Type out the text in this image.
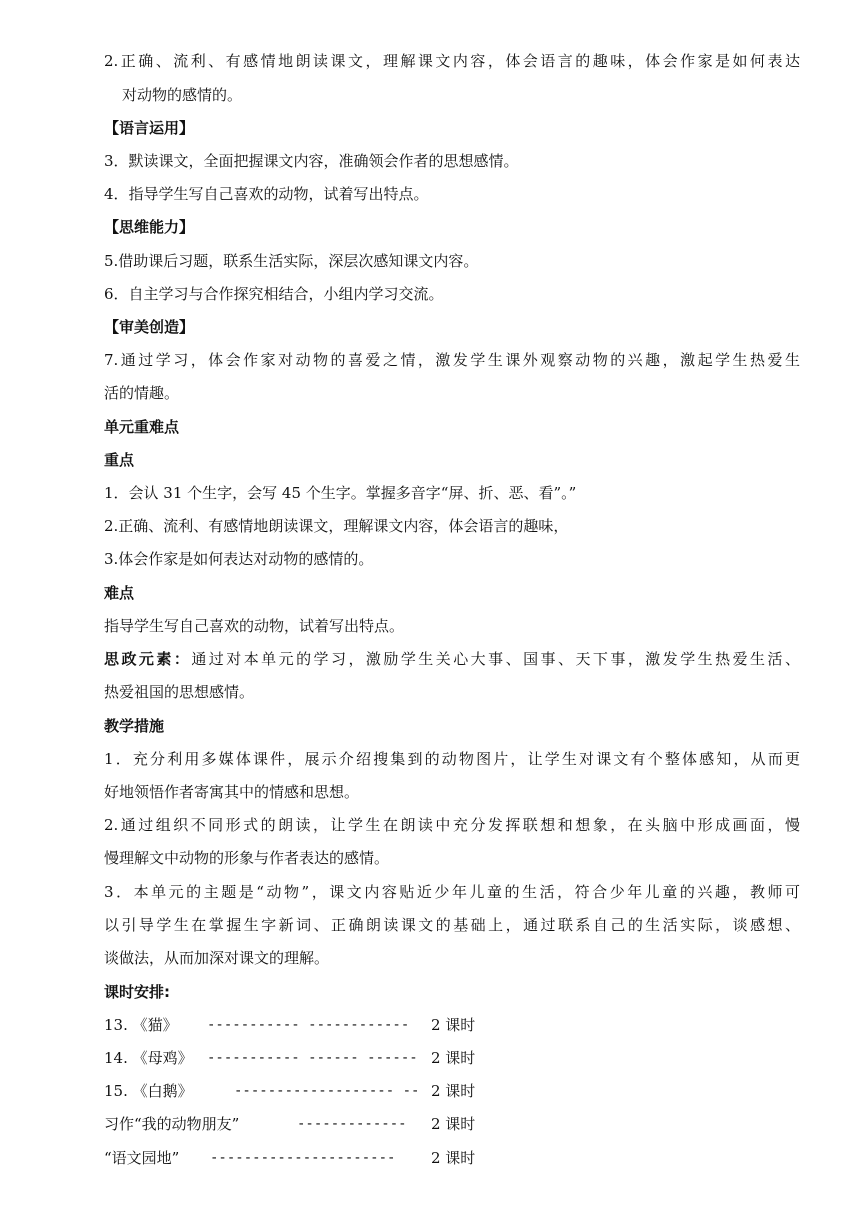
2.正确、流利、有感情地朗读课文，理解课文内容，体会语言的趣味，体会作家是如何表达
对动物的感情的。
【语言运用】
3．默读课文，全面把握课文内容，准确领会作者的思想感情。
4．指导学生写自己喜欢的动物，试着写出特点。
【思维能力】
5.借助课后习题，联系生活实际，深层次感知课文内容。
6．自主学习与合作探究相结合，小组内学习交流。
【审美创造】
7.通过学习，体会作家对动物的喜爱之情，激发学生课外观察动物的兴趣，激起学生热爱生
活的情趣。
单元重难点
重点
1．会认 31 个生字，会写 45 个生字。掌握多音字“屏、折、恶、看”。”
2.正确、流利、有感情地朗读课文，理解课文内容，体会语言的趣味，
3.体会作家是如何表达对动物的感情的。
难点
指导学生写自己喜欢的动物，试着写出特点。
思政元素：通过对本单元的学习，激励学生关心大事、国事、天下事，激发学生热爱生活、
热爱祖国的思想感情。
教学措施
1．充分利用多媒体课件，展示介绍搜集到的动物图片，让学生对课文有个整体感知，从而更
好地领悟作者寄寓其中的情感和思想。
2.通过组织不同形式的朗读，让学生在朗读中充分发挥联想和想象，在头脑中形成画面，慢
慢理解文中动物的形象与作者表达的感情。
3．本单元的主题是“动物”，课文内容贴近少年儿童的生活，符合少年儿童的兴趣，教师可
以引导学生在掌握生字新词、正确朗读课文的基础上，通过联系自己的生活实际，谈感想、
谈做法，从而加深对课文的理解。
课时安排:
13. 《猫》 ----------- ------------ 2 课时
14. 《母鸡》 ----------- ------ ------ 2 课时
15. 《白鹅》	------------------- -- 2 课时
习作“我的动物朋友”	------------- 2 课时
“语文园地” ---------------------- 2 课时
